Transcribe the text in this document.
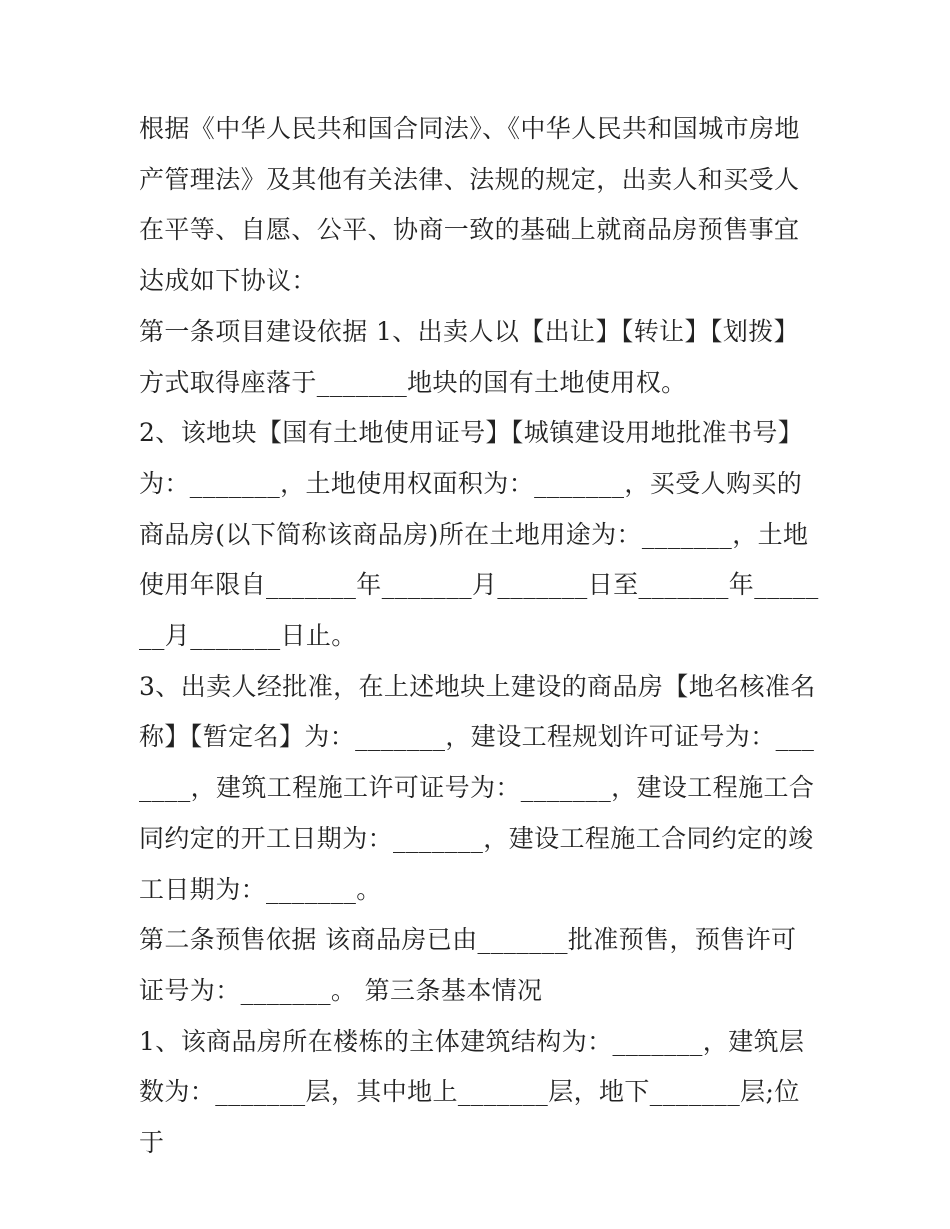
根据《中华人民共和国合同法》、《中华人民共和国城市房地产管理法》及其他有关法律、法规的规定，出卖人和买受人在平等、自愿、公平、协商一致的基础上就商品房预售事宜达成如下协议：

第一条项目建设依据 1、出卖人以【出让】【转让】【划拨】方式取得座落于_______地块的国有土地使用权。

2、该地块【国有土地使用证号】【城镇建设用地批准书号】为：_______，土地使用权面积为：_______，买受人购买的商品房(以下简称该商品房)所在土地用途为：_______，土地使用年限自_______年_______月_______日至_______年_______月_______日止。

3、出卖人经批准，在上述地块上建设的商品房【地名核准名称】【暂定名】为：_______，建设工程规划许可证号为：_______，建筑工程施工许可证号为：_______，建设工程施工合同约定的开工日期为：_______，建设工程施工合同约定的竣工日期为：_______。

第二条预售依据 该商品房已由_______批准预售，预售许可证号为：_______。 第三条基本情况

1、该商品房所在楼栋的主体建筑结构为：_______，建筑层数为：_______层，其中地上_______层，地下_______层;位于
